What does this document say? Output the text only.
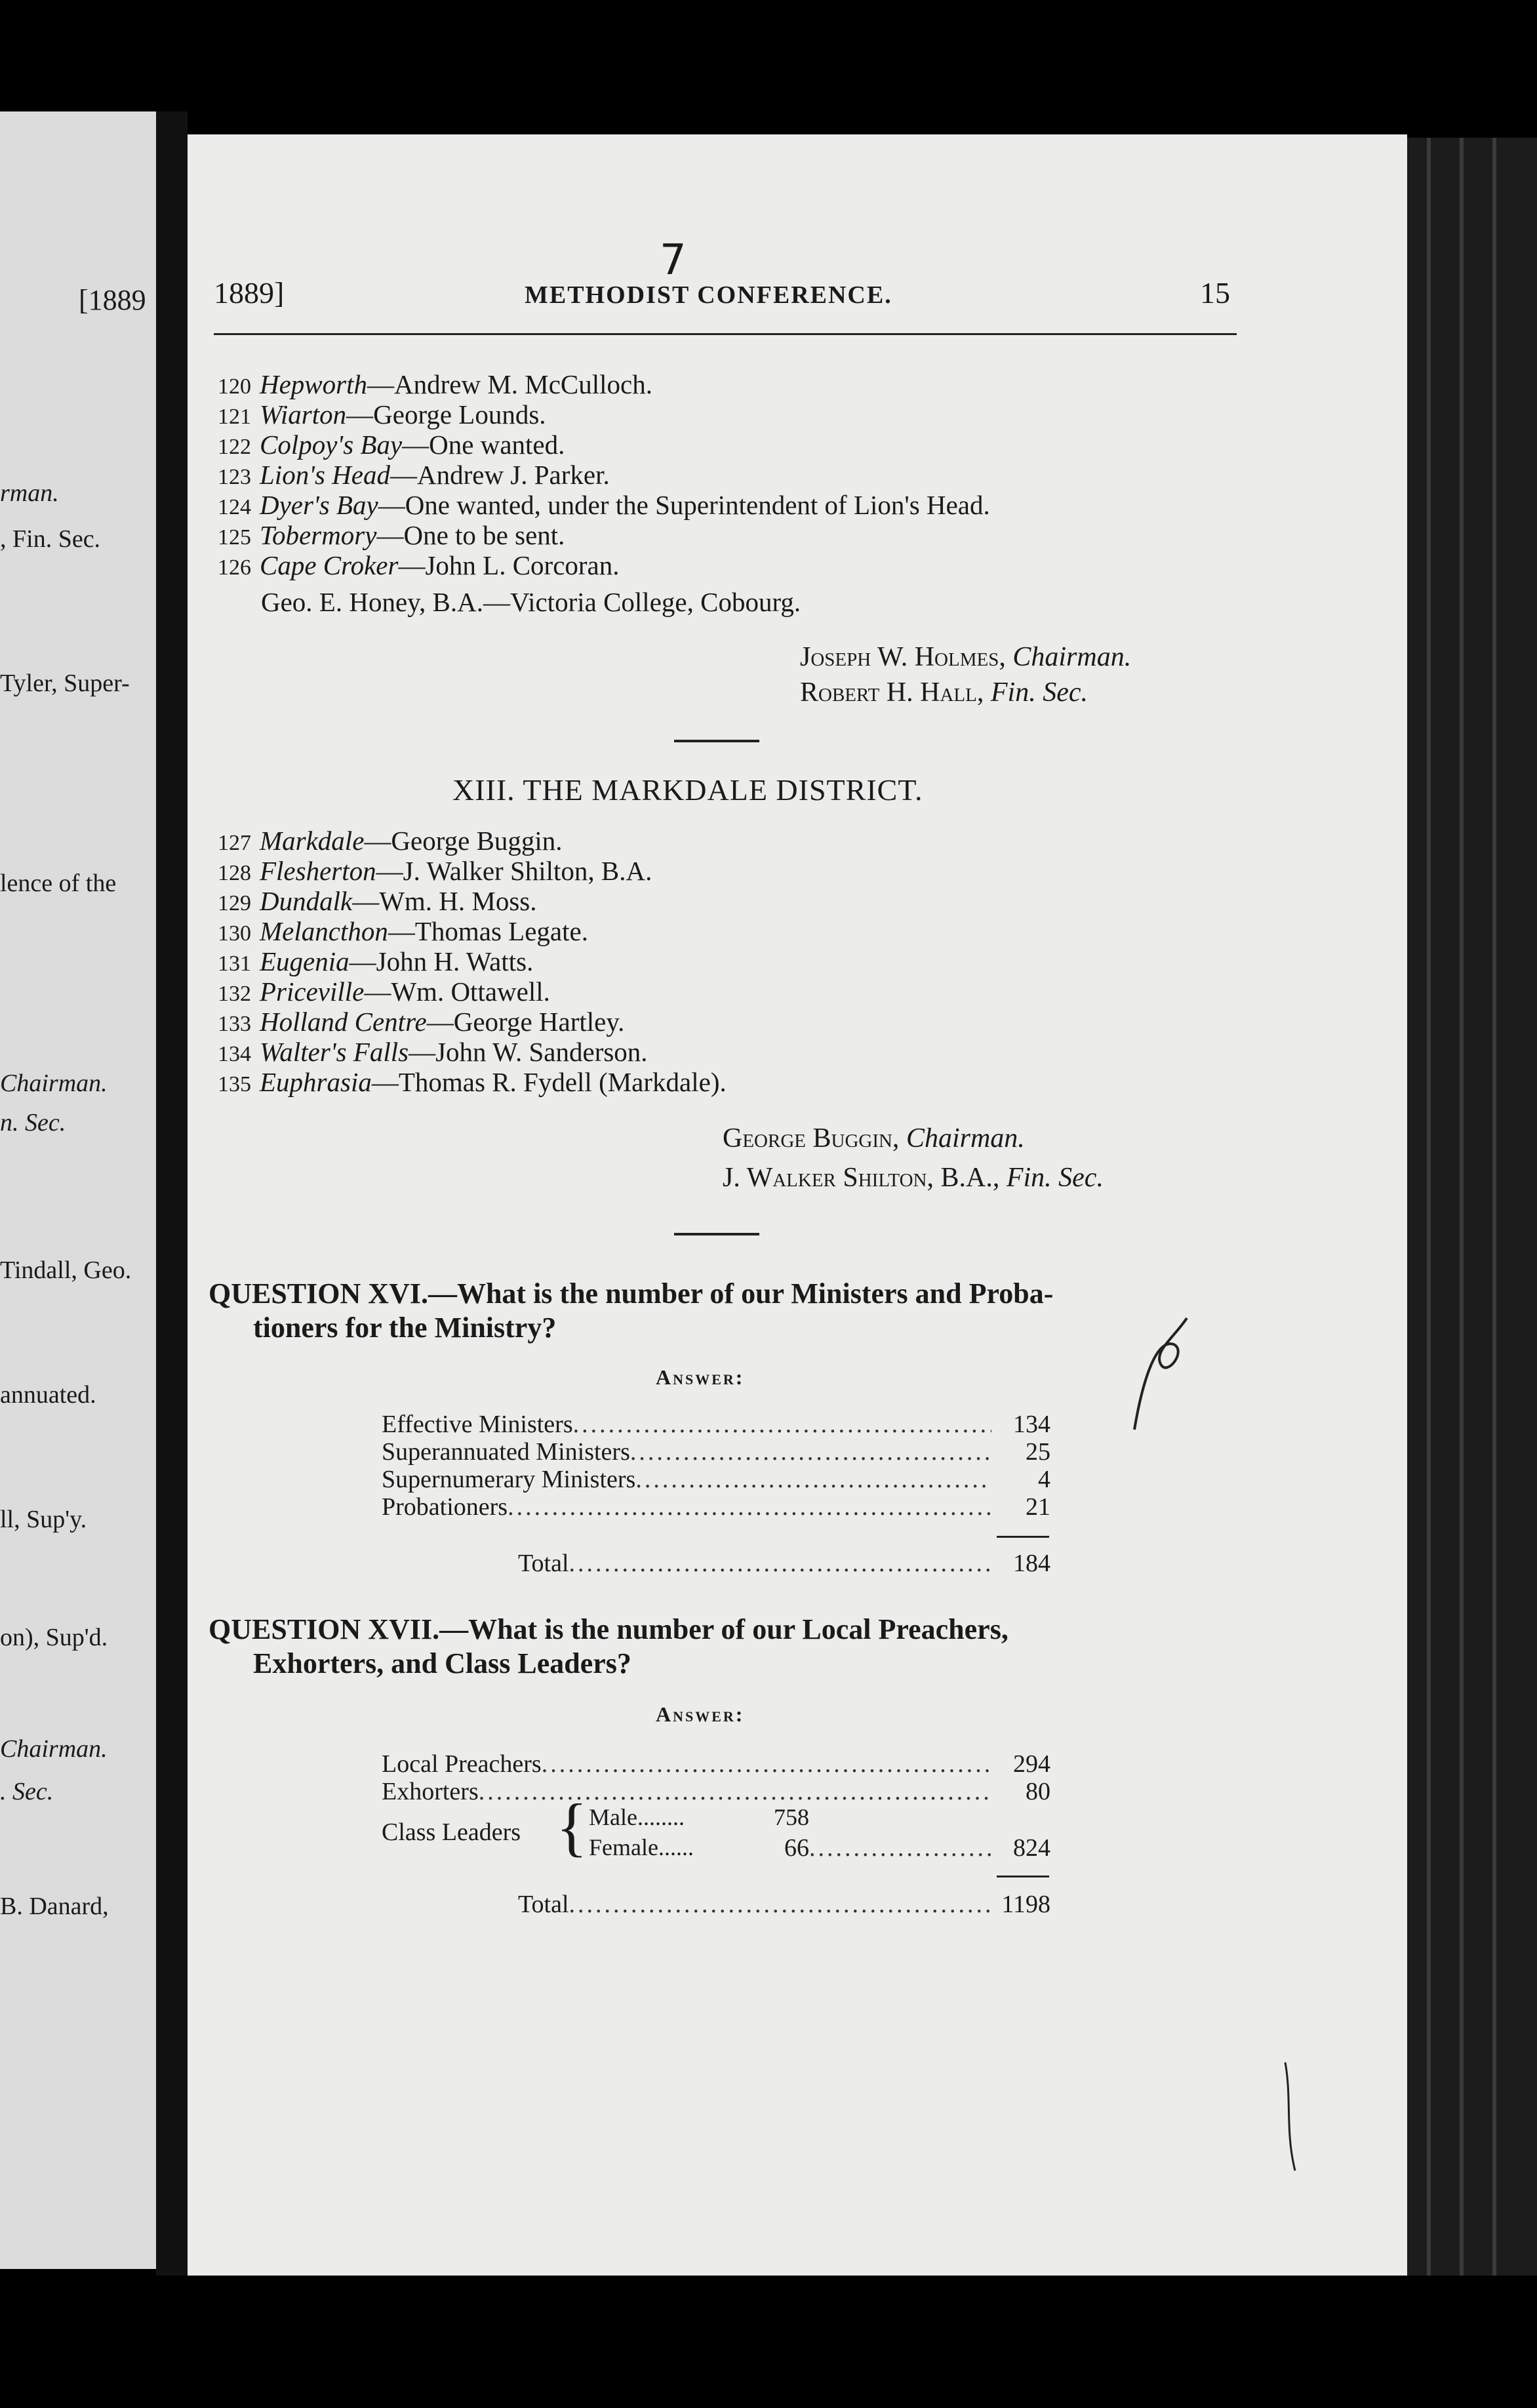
[1889
rman.
, Fin. Sec.
Tyler, Super-
lence of the
Chairman.
n. Sec.
Tindall, Geo.
annuated.
ll, Sup'y.
on), Sup'd.
Chairman.
. Sec.
B. Danard,
1889]	METHODIST CONFERENCE.	15
7
120 Hepworth—Andrew M. McCulloch.
121 Wiarton—George Lounds.
122 Colpoy's Bay—One wanted.
123 Lion's Head—Andrew J. Parker.
124 Dyer's Bay—One wanted, under the Superintendent of Lion's Head.
125 Tobermory—One to be sent.
126 Cape Croker—John L. Corcoran.
Geo. E. Honey, B.A.—Victoria College, Cobourg.
Joseph W. Holmes, Chairman.
Robert H. Hall, Fin. Sec.
XIII. THE MARKDALE DISTRICT.
127 Markdale—George Buggin.
128 Flesherton—J. Walker Shilton, B.A.
129 Dundalk—Wm. H. Moss.
130 Melancthon—Thomas Legate.
131 Eugenia—John H. Watts.
132 Priceville—Wm. Ottawell.
133 Holland Centre—George Hartley.
134 Walter's Falls—John W. Sanderson.
135 Euphrasia—Thomas R. Fydell (Markdale).
George Buggin, Chairman.
J. Walker Shilton, B.A., Fin. Sec.
QUESTION XVI.—What is the number of our Ministers and Proba-
tioners for the Ministry?
Answer:
Effective Ministers .....	134
Superannuated Ministers .....	25
Supernumerary Ministers .....	4
Probationers .....	21
Total .....	184
QUESTION XVII.—What is the number of our Local Preachers,
Exhorters, and Class Leaders?
Answer:
Local Preachers .....	294
Exhorters .....	80
Class Leaders { Male........	758
Female......	66 .....	824
Total .....	1198
